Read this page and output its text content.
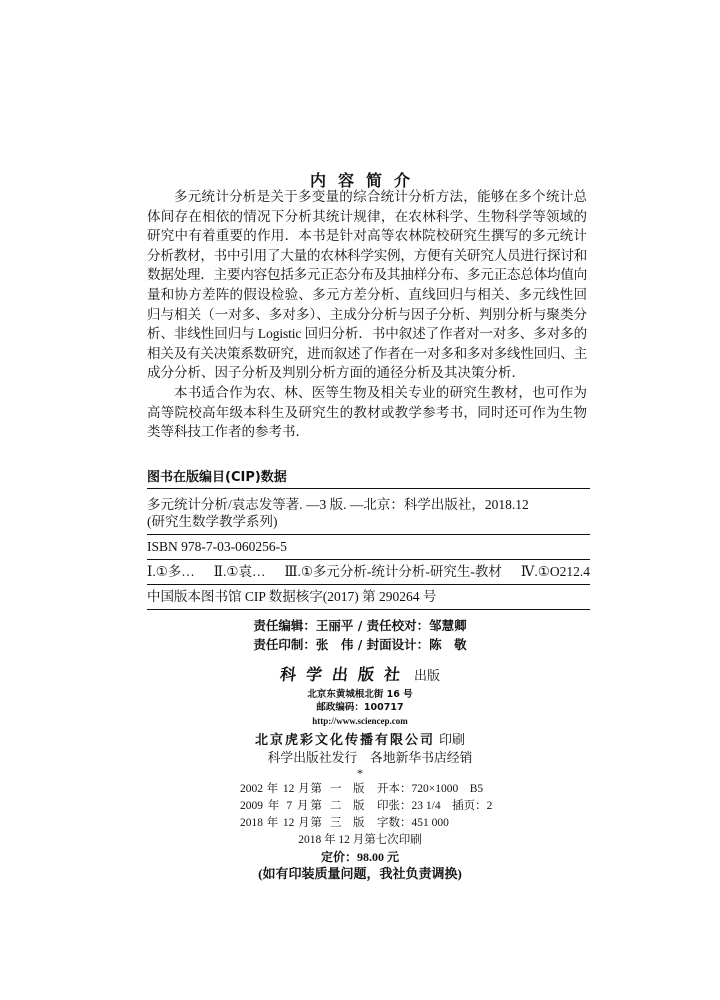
内容简介
多元统计分析是关于多变量的综合统计分析方法，能够在多个统计总
体间存在相依的情况下分析其统计规律，在农林科学、生物科学等领域的
研究中有着重要的作用．本书是针对高等农林院校研究生撰写的多元统计
分析教材，书中引用了大量的农林科学实例，方便有关研究人员进行探讨和
数据处理．主要内容包括多元正态分布及其抽样分布、多元正态总体均值向
量和协方差阵的假设检验、多元方差分析、直线回归与相关、多元线性回
归与相关（一对多、多对多）、主成分分析与因子分析、判别分析与聚类分
析、非线性回归与 Logistic 回归分析．书中叙述了作者对一对多、多对多的
相关及有关决策系数研究，进而叙述了作者在一对多和多对多线性回归、主
成分分析、因子分析及判别分析方面的通径分析及其决策分析．
本书适合作为农、林、医等生物及相关专业的研究生教材，也可作为
高等院校高年级本科生及研究生的教材或教学参考书，同时还可作为生物
类等科技工作者的参考书．
图书在版编目(CIP)数据
多元统计分析/袁志发等著. —3 版. —北京：科学出版社，2018.12
(研究生数学教学系列)
ISBN 978-7-03-060256-5
Ⅰ.①多… Ⅱ.①袁… Ⅲ.①多元分析-统计分析-研究生-教材 Ⅳ.①O212.4
中国版本图书馆 CIP 数据核字(2017) 第 290264 号
责任编辑：王丽平 / 责任校对：邹慧卿
责任印制：张　伟 / 封面设计：陈　敬
科学出版社 出版
北京东黄城根北街 16 号
邮政编码：100717
http://www.sciencep.com
北京虎彩文化传播有限公司 印刷
科学出版社发行　各地新华书店经销
*
2002 年 12 月第 一　版 开本：720×1000　B5
2009 年 7 月第 二　版 印张：23 1/4　插页：2
2018 年 12 月第 三　版 字数：451 000
2018 年 12 月第七次印刷
定价：98.00 元
(如有印装质量问题，我社负责调换)
